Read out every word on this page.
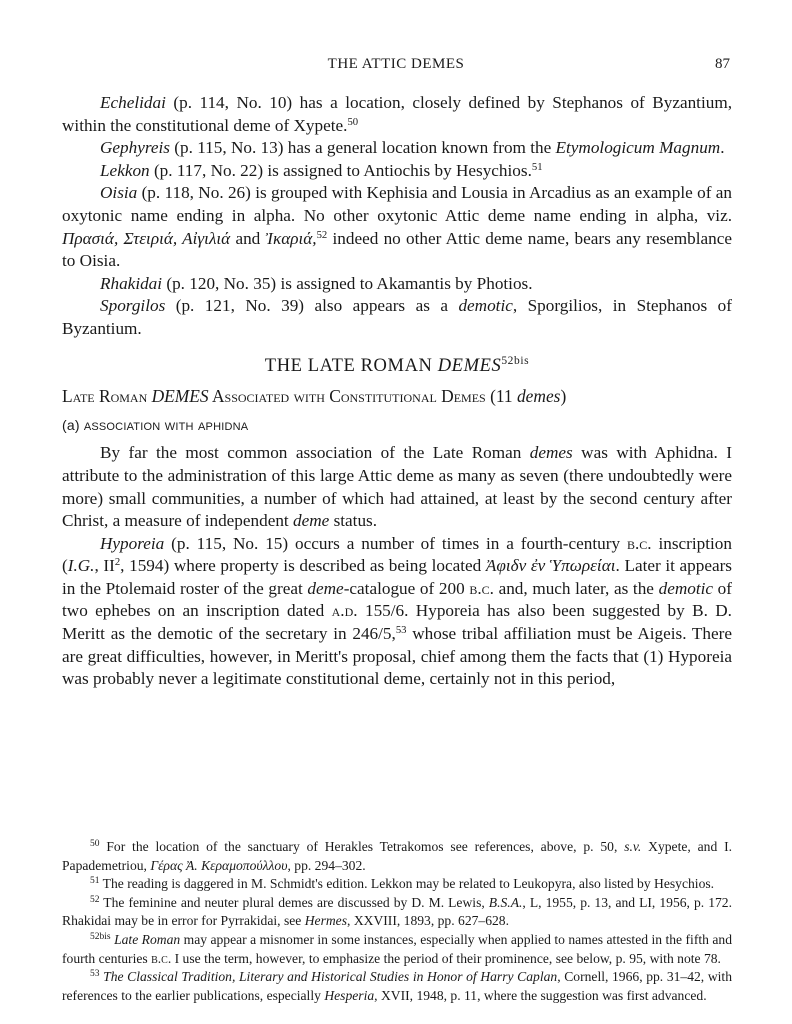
THE ATTIC DEMES	87

Echelidai (p. 114, No. 10) has a location, closely defined by Stephanos of Byzantium, within the constitutional deme of Xypete.$^{50}$

Gephyreis (p. 115, No. 13) has a general location known from the Etymologicum Magnum.

Lekkon (p. 117, No. 22) is assigned to Antiochis by Hesychios.$^{51}$

Oisia (p. 118, No. 26) is grouped with Kephisia and Lousia in Arcadius as an example of an oxytonic name ending in alpha. No other oxytonic Attic deme name ending in alpha, viz. Πρασιά, Στειριά, Αἰγιλιά and Ἰκαριά,$^{52}$ indeed no other Attic deme name, bears any resemblance to Oisia.

Rhakidai (p. 120, No. 35) is assigned to Akamantis by Photios.

Sporgilos (p. 121, No. 39) also appears as a demotic, Sporgilios, in Stephanos of Byzantium.

THE LATE ROMAN $DEMES^{52bis}$

Late Roman DEMES Associated with Constitutional Demes (11 demes)

(a) association with aphidna

By far the most common association of the Late Roman demes was with Aphidna. I attribute to the administration of this large Attic deme as many as seven (there undoubtedly were more) small communities, a number of which had attained, at least by the second century after Christ, a measure of independent deme status.

Hyporeia (p. 115, No. 15) occurs a number of times in a fourth-century b.c. inscription (I.G., $II^2$, 1594) where property is described as being located Ἀφιδν ἐν Ὑπωρείαι. Later it appears in the Ptolemaid roster of the great deme-catalogue of 200 b.c. and, much later, as the demotic of two ephebes on an inscription dated a.d. 155/6. Hyporeia has also been suggested by B. D. Meritt as the demotic of the secretary in 246/5,53 whose tribal affiliation must be Aigeis. There are great difficulties, however, in Meritt's proposal, chief among them the facts that (1) Hyporeia was probably never a legitimate constitutional deme, certainly not in this period,

$^{50}$ For the location of the sanctuary of Herakles Tetrakomos see references, above, p. 50, s.v. Xypete, and I. Papademetriou, Γέρας Ἀ. Κεραμοπούλλου, pp. 294–302.

$^{51}$ The reading is daggered in M. Schmidt's edition. Lekkon may be related to Leukopyra, also listed by Hesychios.

$^{52}$ The feminine and neuter plural demes are discussed by D. M. Lewis, B.S.A., L, 1955, p. 13, and LI, 1956, p. 172. Rhakidai may be in error for Pyrrakidai, see Hermes, XXVIII, 1893, pp. 627–628.

$^{52bis}$ Late Roman may appear a misnomer in some instances, especially when applied to names attested in the fifth and fourth centuries b.c. I use the term, however, to emphasize the period of their prominence, see below, p. 95, with note 78.

$^{53}$ The Classical Tradition, Literary and Historical Studies in Honor of Harry Caplan, Cornell, 1966, pp. 31–42, with references to the earlier publications, especially Hesperia, XVII, 1948, p. 11, where the suggestion was first advanced.
